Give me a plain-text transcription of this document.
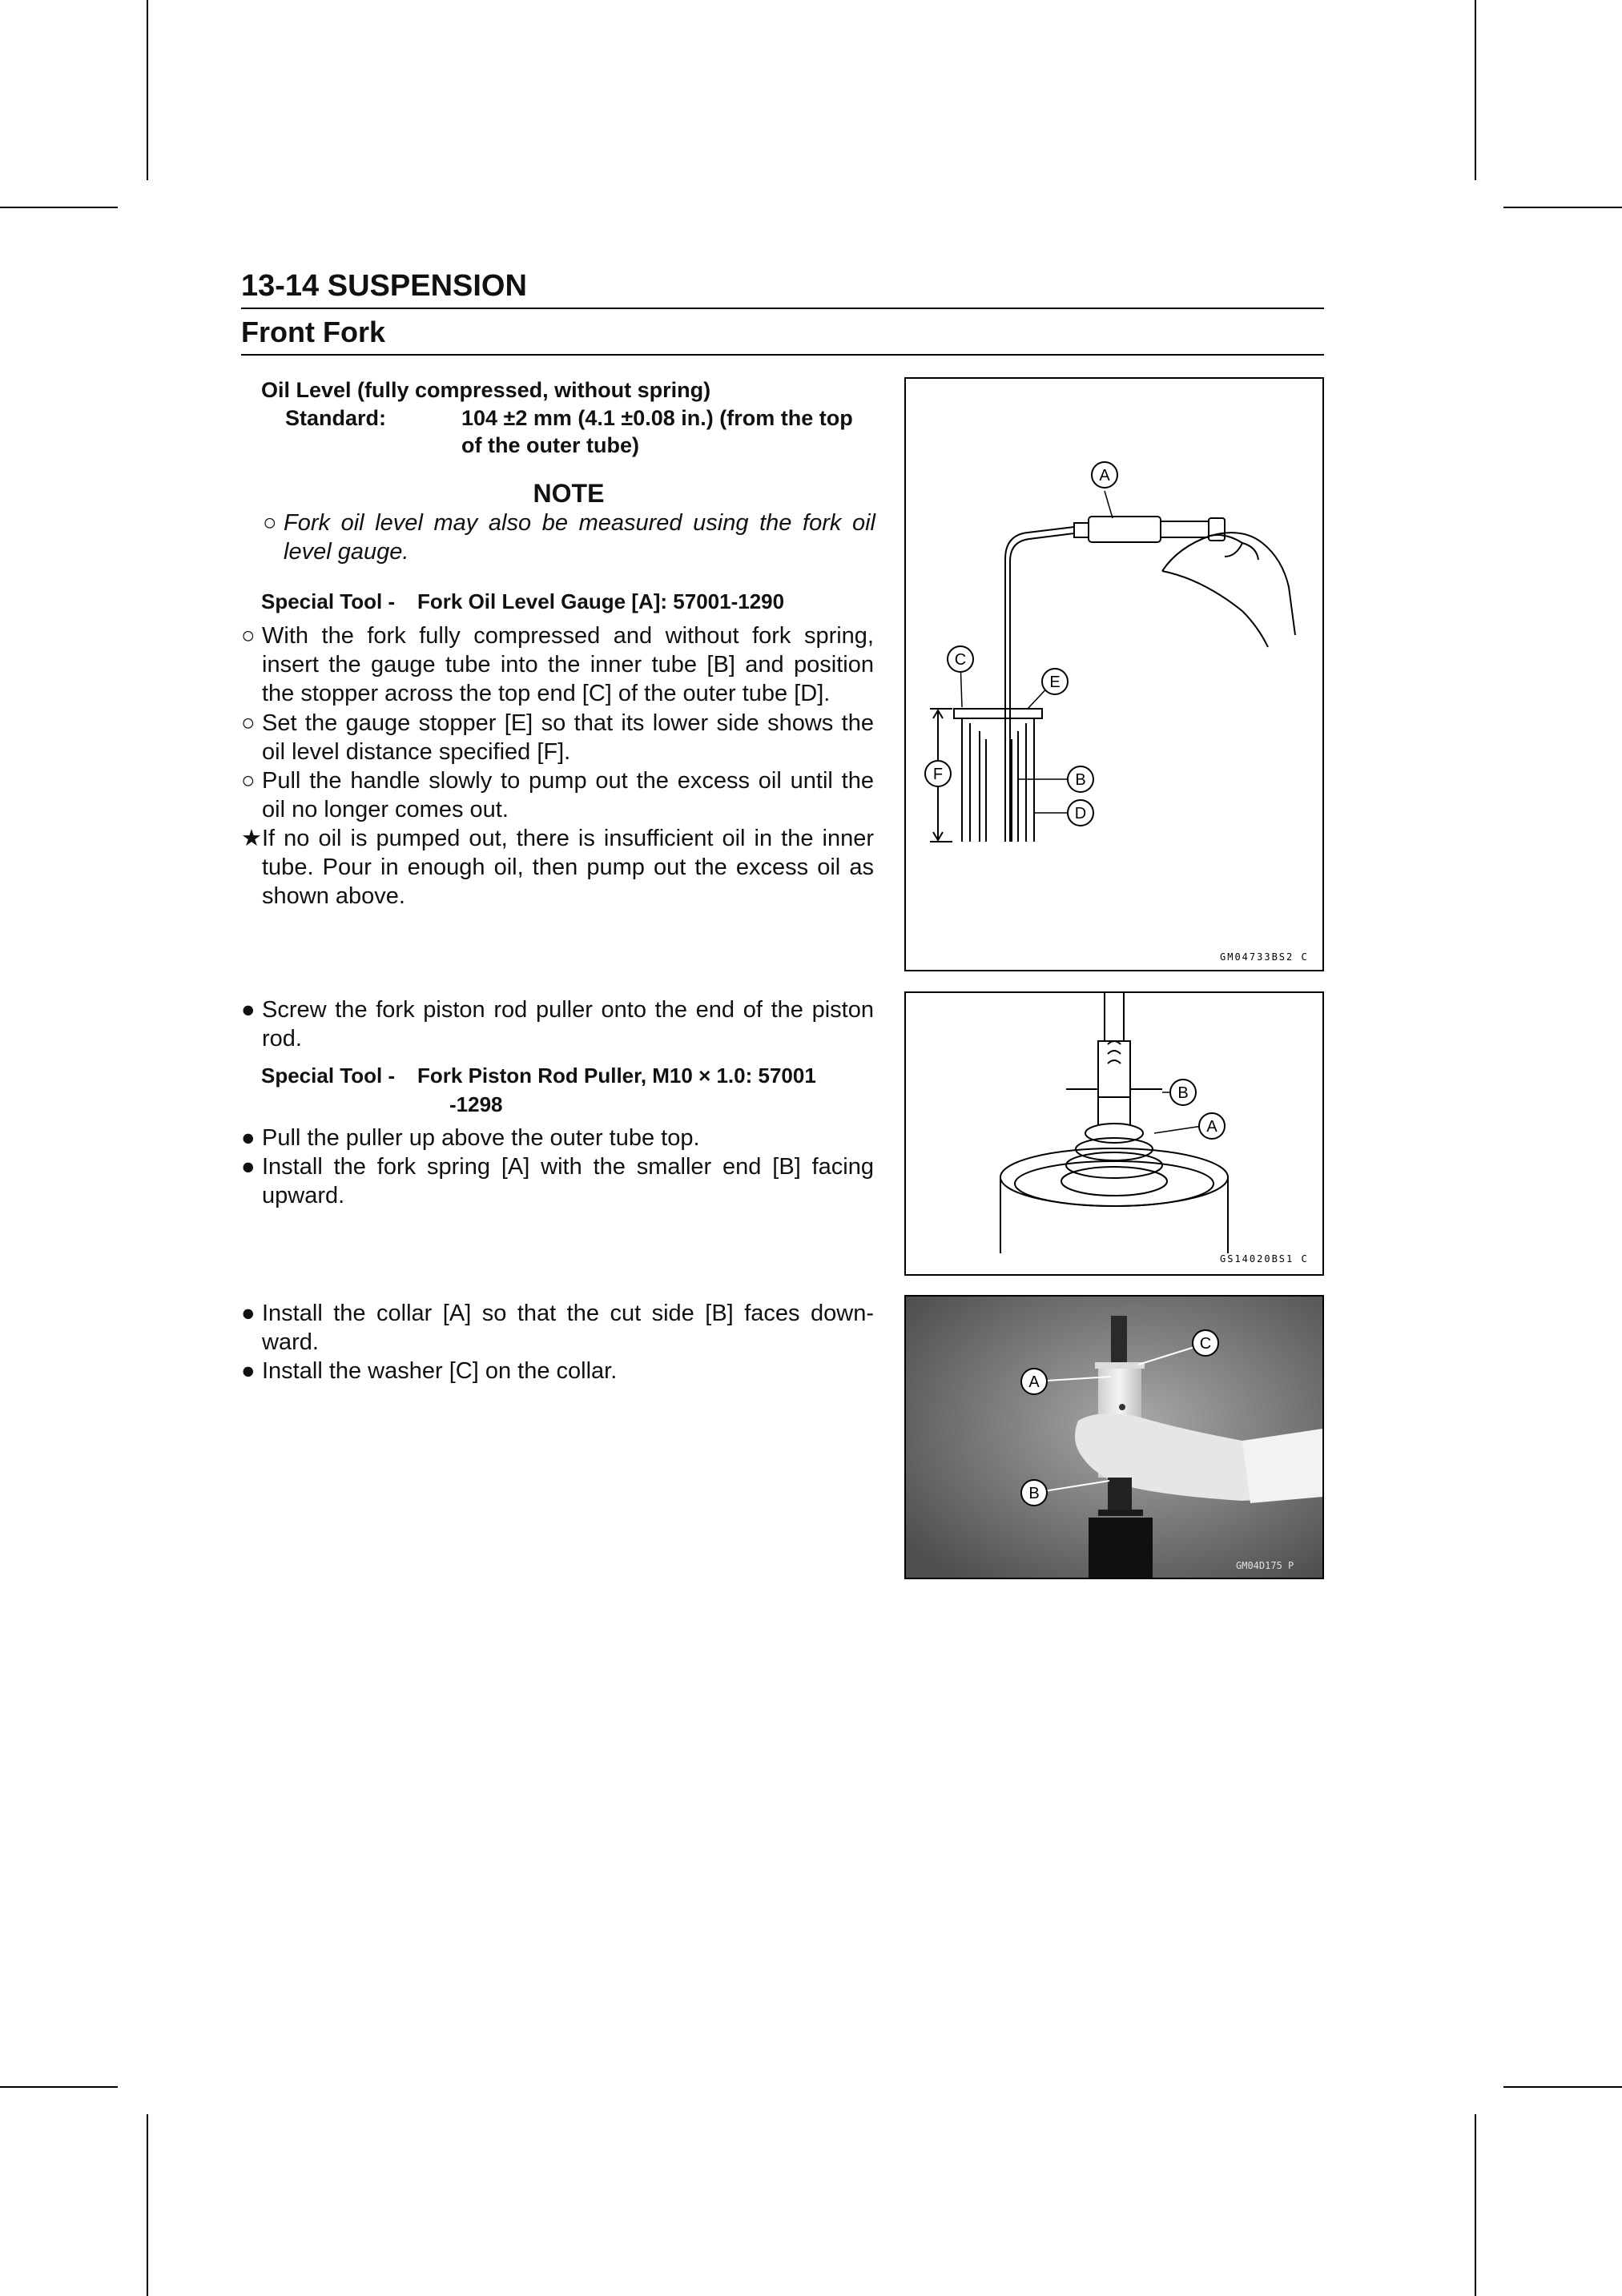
13-14 SUSPENSION
Front Fork
Oil Level (fully compressed, without spring)
Standard:	104 ±2 mm (4.1 ±0.08 in.) (from the top
of the outer tube)
NOTE
○ Fork oil level may also be measured using the fork oil level gauge.
Special Tool - Fork Oil Level Gauge [A]: 57001-1290
○ With the fork fully compressed and without fork spring, insert the gauge tube into the inner tube [B] and position the stopper across the top end [C] of the outer tube [D].
○ Set the gauge stopper [E] so that its lower side shows the oil level distance specified [F].
○ Pull the handle slowly to pump out the excess oil until the oil no longer comes out.
★ If no oil is pumped out, there is insufficient oil in the inner tube. Pour in enough oil, then pump out the excess oil as shown above.
● Screw the fork piston rod puller onto the end of the piston rod.
Special Tool - Fork Piston Rod Puller, M10 × 1.0: 57001
-1298
● Pull the puller up above the outer tube top.
● Install the fork spring [A] with the smaller end [B] facing upward.
● Install the collar [A] so that the cut side [B] faces down-ward.
● Install the washer [C] on the collar.
A
C
E
F	B
D
GM04733BS2 C
B
A
GS14020BS1 C
A
B
C
GM04D175 P
